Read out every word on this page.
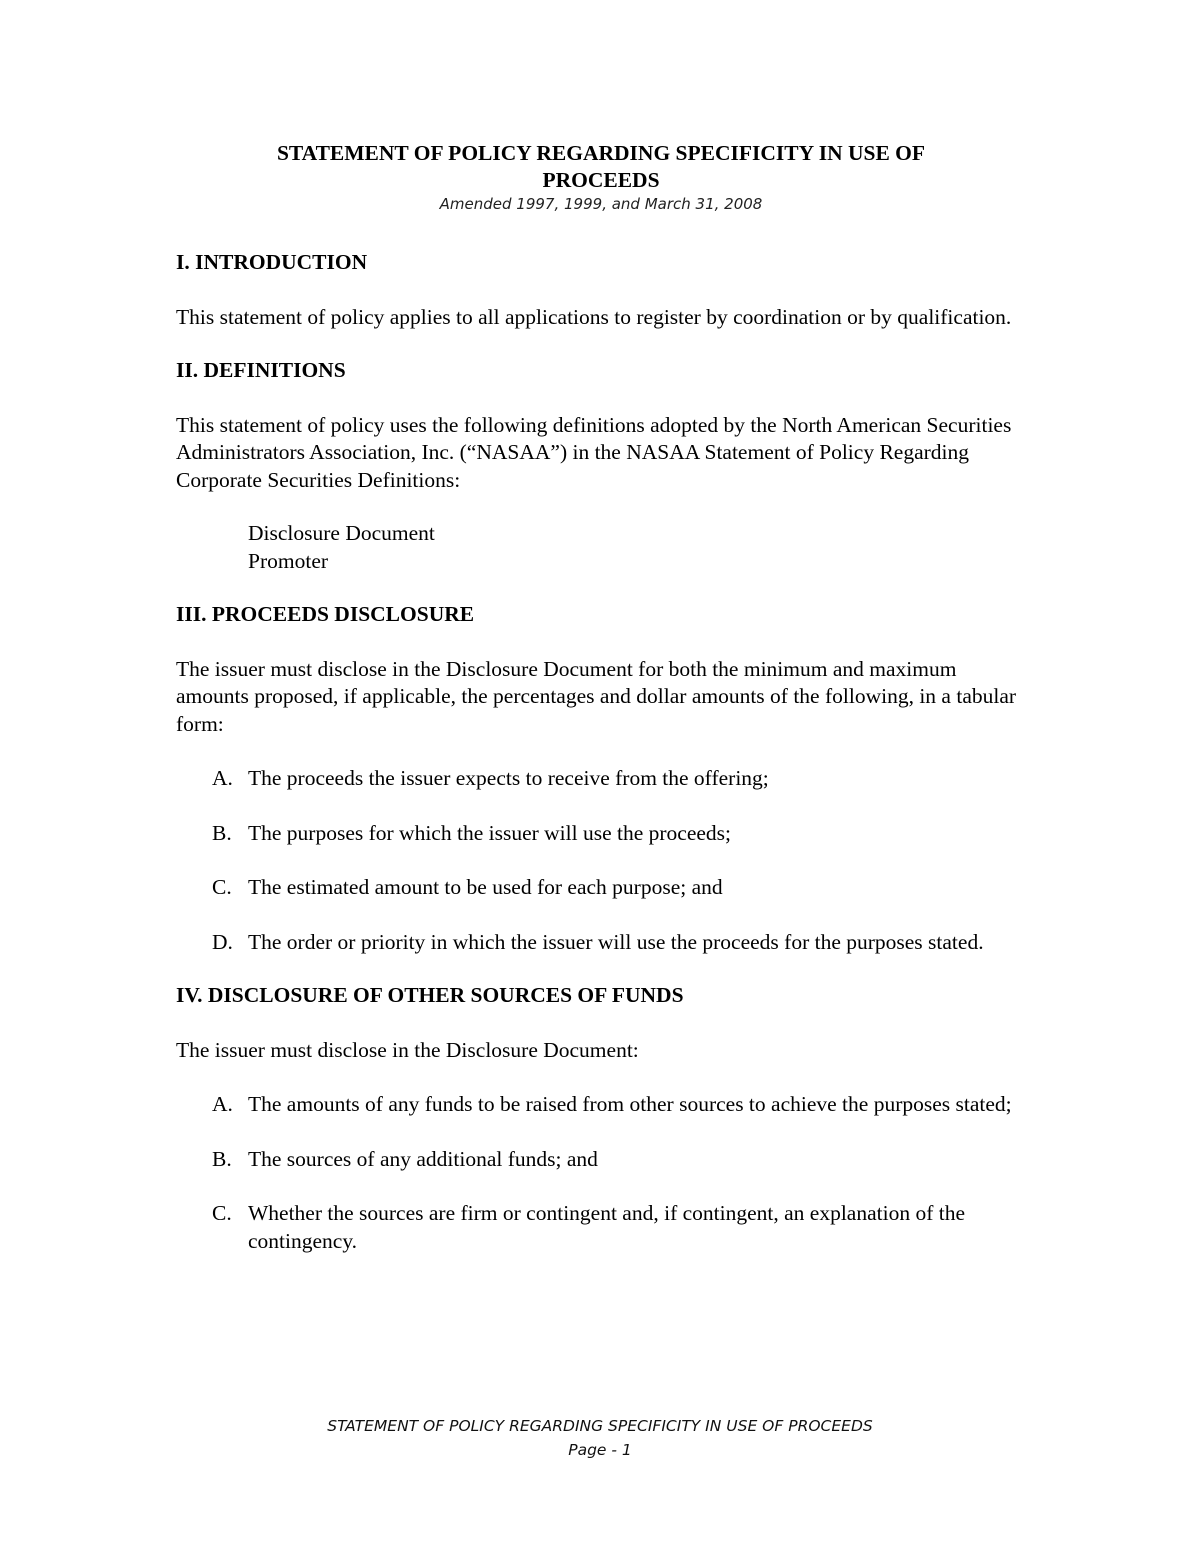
STATEMENT OF POLICY REGARDING SPECIFICITY IN USE OF

PROCEEDS

Amended 1997, 1999, and March 31, 2008

I. INTRODUCTION

This statement of policy applies to all applications to register by coordination or by qualification.

II. DEFINITIONS

This statement of policy uses the following definitions adopted by the North American Securities Administrators Association, Inc. (“NASAA”) in the NASAA Statement of Policy Regarding Corporate Securities Definitions:

Disclosure Document
Promoter

III. PROCEEDS DISCLOSURE

The issuer must disclose in the Disclosure Document for both the minimum and maximum amounts proposed, if applicable, the percentages and dollar amounts of the following, in a tabular form:

A. The proceeds the issuer expects to receive from the offering;
B. The purposes for which the issuer will use the proceeds;
C. The estimated amount to be used for each purpose; and
D. The order or priority in which the issuer will use the proceeds for the purposes stated.

IV. DISCLOSURE OF OTHER SOURCES OF FUNDS

The issuer must disclose in the Disclosure Document:

A. The amounts of any funds to be raised from other sources to achieve the purposes stated;
B. The sources of any additional funds; and
C. Whether the sources are firm or contingent and, if contingent, an explanation of the contingency.
STATEMENT OF POLICY REGARDING SPECIFICITY IN USE OF PROCEEDS
Page - 1
